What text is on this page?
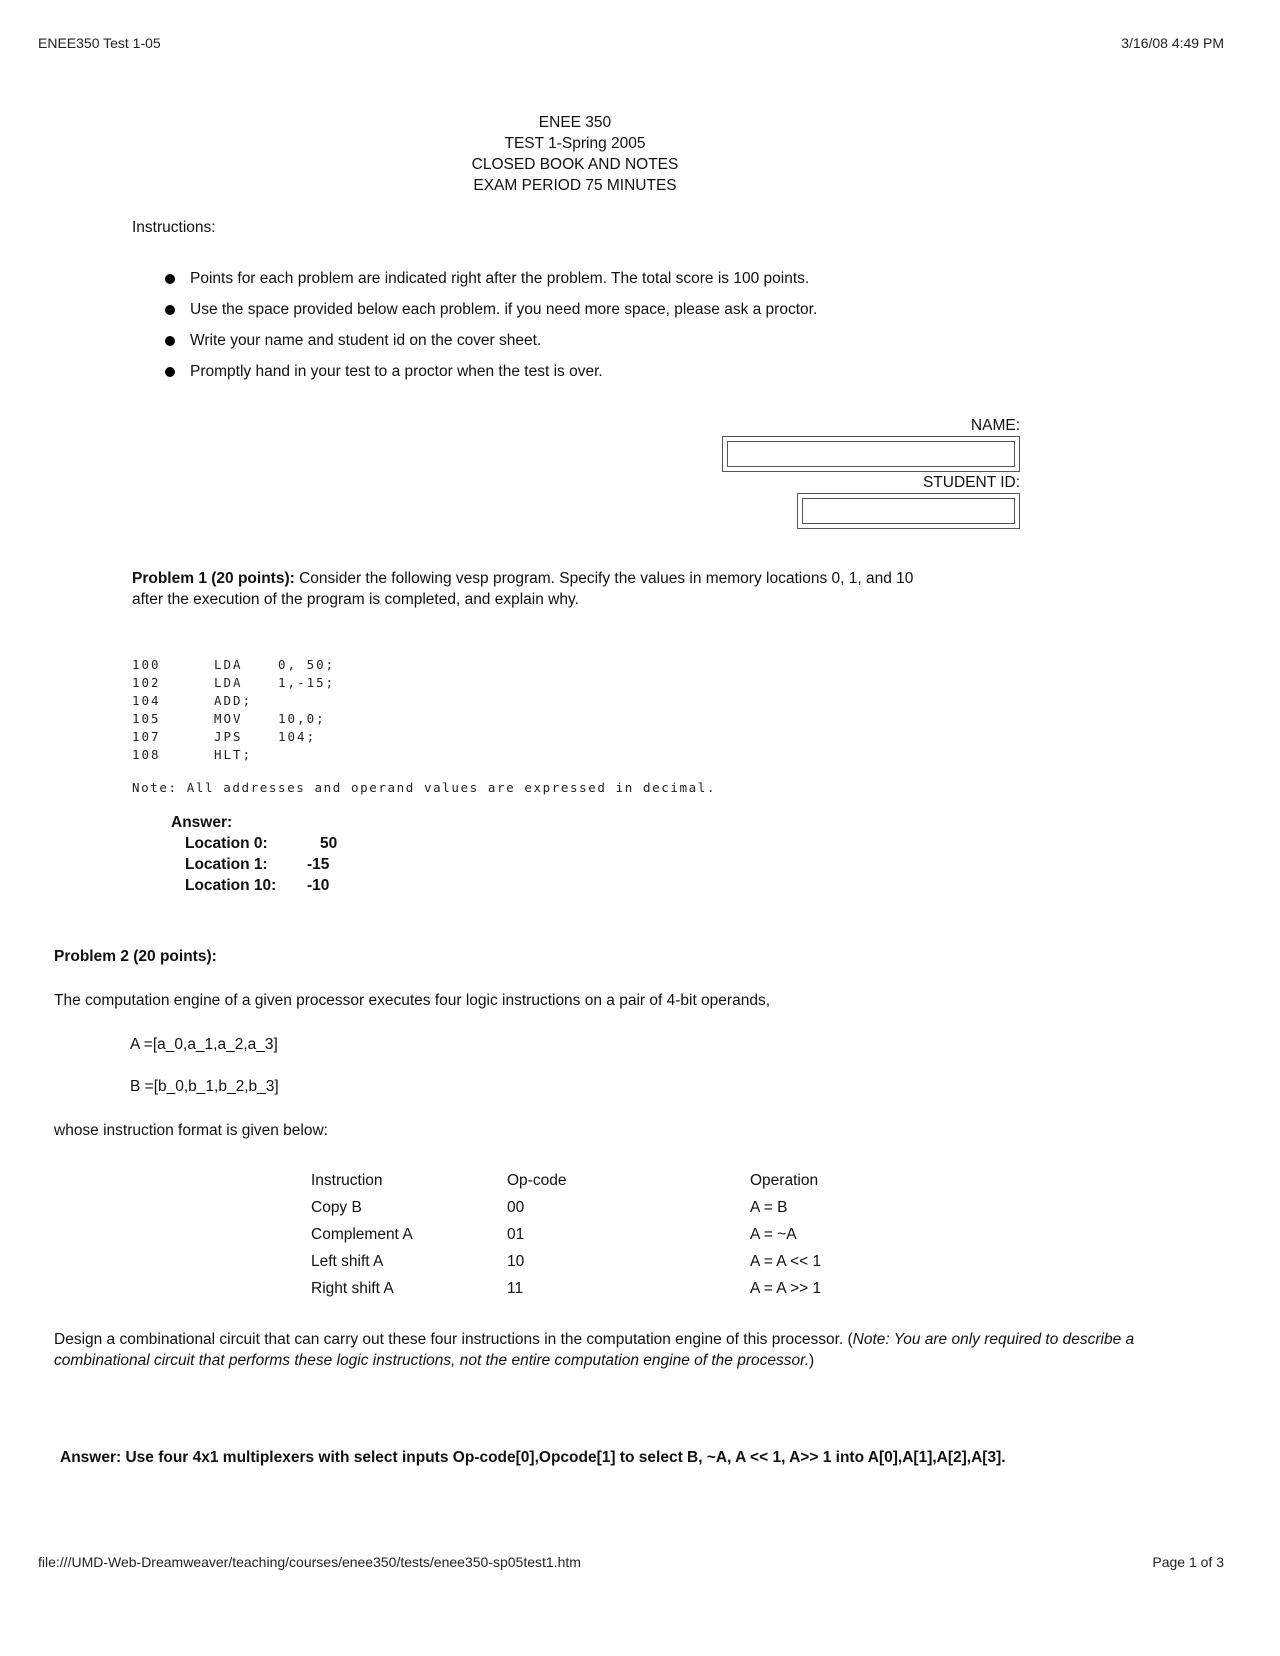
ENEE350 Test 1-05	3/16/08 4:49 PM
ENEE 350
TEST 1-Spring 2005
CLOSED BOOK AND NOTES
EXAM PERIOD 75 MINUTES
Instructions:
Points for each problem are indicated right after the problem. The total score is 100 points.
Use the space provided below each problem. if you need more space, please ask a proctor.
Write your name and student id on the cover sheet.
Promptly hand in your test to a proctor when the test is over.
NAME:
STUDENT ID:
Problem 1 (20 points): Consider the following vesp program. Specify the values in memory locations 0, 1, and 10
after the execution of the program is completed, and explain why.
100	LDA	0, 50;
102	LDA	1,-15;
104	ADD;
105	MOV	10,0;
107	JPS	104;
108	HLT;
Note: All addresses and operand values are expressed in decimal.
Answer:
Location 0:	50
Location 1:	-15
Location 10: -10
Problem 2 (20 points):
The computation engine of a given processor executes four logic instructions on a pair of 4-bit operands,
A =[a_0,a_1,a_2,a_3]
B =[b_0,b_1,b_2,b_3]
whose instruction format is given below:
Instruction	Op-code	Operation
Copy B	00	A = B
Complement A	01	A = ~A
Left shift A	10	A = A << 1
Right shift A	11	A = A >> 1
Design a combinational circuit that can carry out these four instructions in the computation engine of this processor. (Note: You are only required to describe a
combinational circuit that performs these logic instructions, not the entire computation engine of the processor.)
Answer: Use four 4x1 multiplexers with select inputs Op-code[0],Opcode[1] to select B, ~A, A << 1, A>> 1 into A[0],A[1],A[2],A[3].
file:///UMD-Web-Dreamweaver/teaching/courses/enee350/tests/enee350-sp05test1.htm	Page 1 of 3
